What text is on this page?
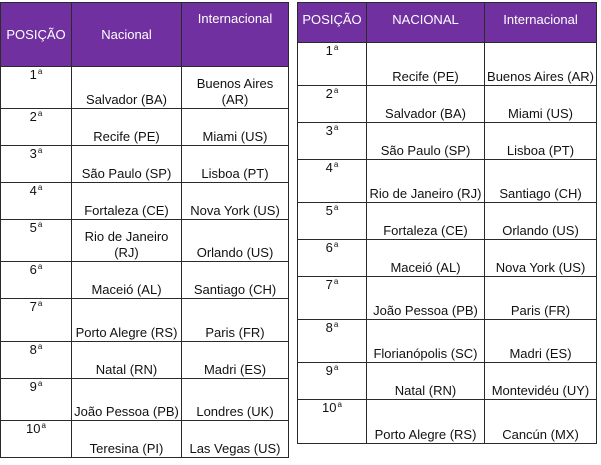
POSIÇÃO	Nacional	Internacional
1$^a$	Salvador (BA)	Buenos Aires (AR)
2$^a$	Recife (PE)	Miami (US)
3$^a$	São Paulo (SP)	Lisboa (PT)
4$^a$	Fortaleza (CE)	Nova York (US)
5$^a$	Rio de Janeiro (RJ)	Orlando (US)
6$^a$	Maceió (AL)	Santiago (CH)
7$^a$	Porto Alegre (RS)	Paris (FR)
8$^a$	Natal (RN)	Madri (ES)
9$^a$	João Pessoa (PB)	Londres (UK)
10$^a$	Teresina (PI)	Las Vegas (US)
POSIÇÃO	NACIONAL	Internacional
1$^a$	Recife (PE)	Buenos Aires (AR)
2$^a$	Salvador (BA)	Miami (US)
3$^a$	São Paulo (SP)	Lisboa (PT)
4$^a$	Rio de Janeiro (RJ)	Santiago (CH)
5$^a$	Fortaleza (CE)	Orlando (US)
6$^a$	Maceió (AL)	Nova York (US)
7$^a$	João Pessoa (PB)	Paris (FR)
8$^a$	Florianópolis (SC)	Madri (ES)
9$^a$	Natal (RN)	Montevidéu (UY)
10$^a$	Porto Alegre (RS)	Cancún (MX)
